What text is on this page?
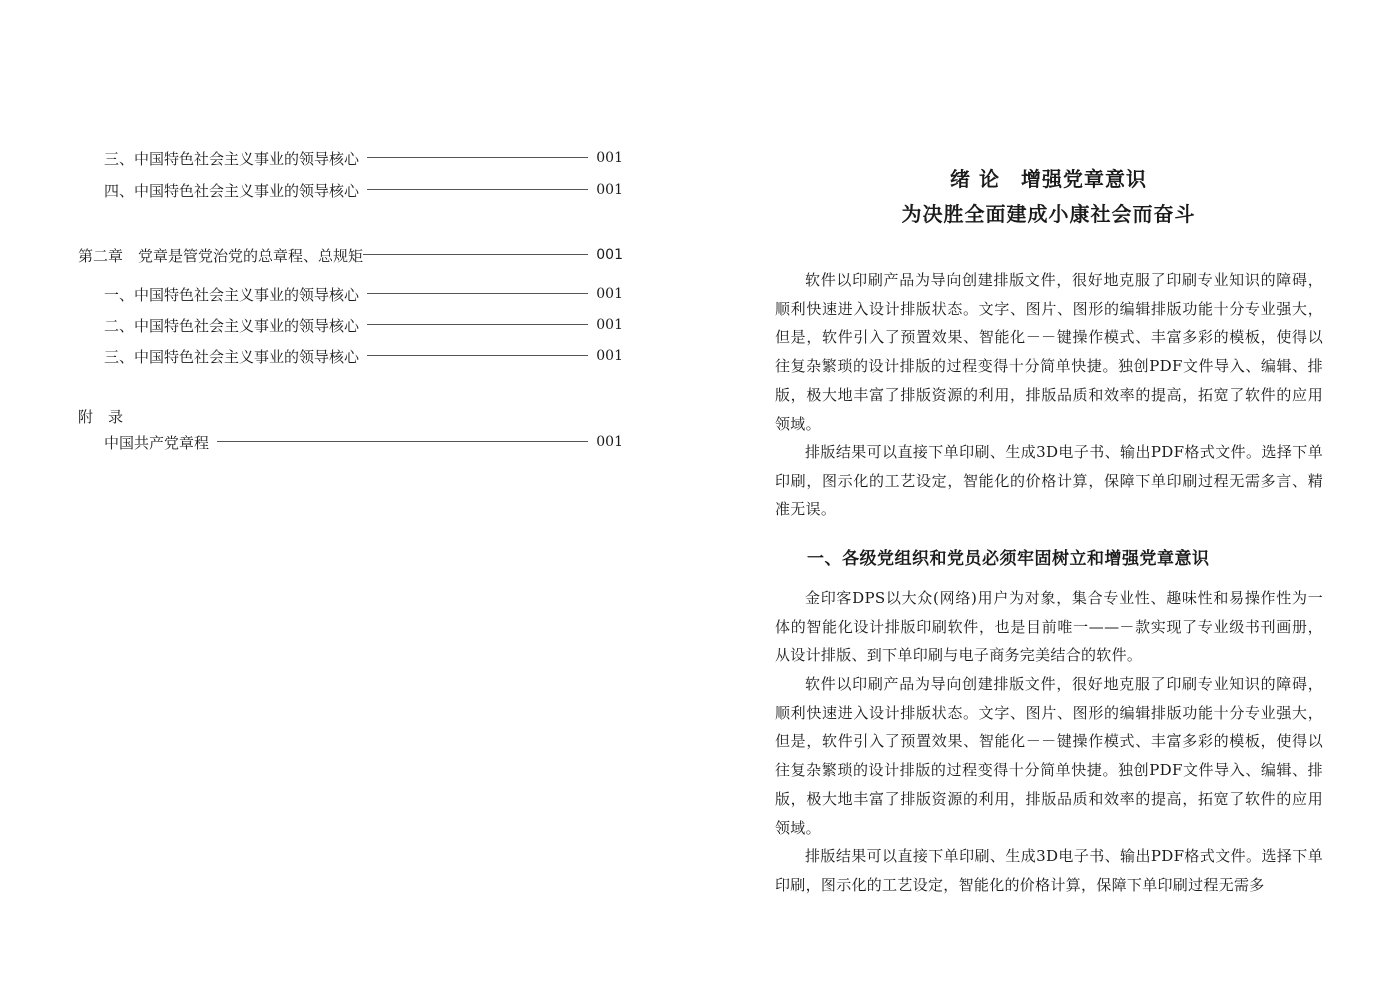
三、中国特色社会主义事业的领导核心	001
四、中国特色社会主义事业的领导核心	001
第二章　党章是管党治党的总章程、总规矩	001
一、中国特色社会主义事业的领导核心	001
二、中国特色社会主义事业的领导核心	001
三、中国特色社会主义事业的领导核心	001
附　录
中国共产党章程	001
绪 论　增强党章意识
为决胜全面建成小康社会而奋斗

软件以印刷产品为导向创建排版文件，很好地克服了印刷专业知识的障碍，顺利快速进入设计排版状态。文字、图片、图形的编辑排版功能十分专业强大，但是，软件引入了预置效果、智能化－－键操作模式、丰富多彩的模板，使得以往复杂繁琐的设计排版的过程变得十分简单快捷。独创PDF文件导入、编辑、排版，极大地丰富了排版资源的利用，排版品质和效率的提高，拓宽了软件的应用领域。

排版结果可以直接下单印刷、生成3D电子书、输出PDF格式文件。选择下单印刷，图示化的工艺设定，智能化的价格计算，保障下单印刷过程无需多言、精准无误。

一、各级党组织和党员必须牢固树立和增强党章意识

金印客DPS以大众(网络)用户为对象，集合专业性、趣味性和易操作性为一体的智能化设计排版印刷软件，也是目前唯一——－款实现了专业级书刊画册，从设计排版、到下单印刷与电子商务完美结合的软件。

软件以印刷产品为导向创建排版文件，很好地克服了印刷专业知识的障碍，顺利快速进入设计排版状态。文字、图片、图形的编辑排版功能十分专业强大，但是，软件引入了预置效果、智能化－－键操作模式、丰富多彩的模板，使得以往复杂繁琐的设计排版的过程变得十分简单快捷。独创PDF文件导入、编辑、排版，极大地丰富了排版资源的利用，排版品质和效率的提高，拓宽了软件的应用领域。

排版结果可以直接下单印刷、生成3D电子书、输出PDF格式文件。选择下单印刷，图示化的工艺设定，智能化的价格计算，保障下单印刷过程无需多
